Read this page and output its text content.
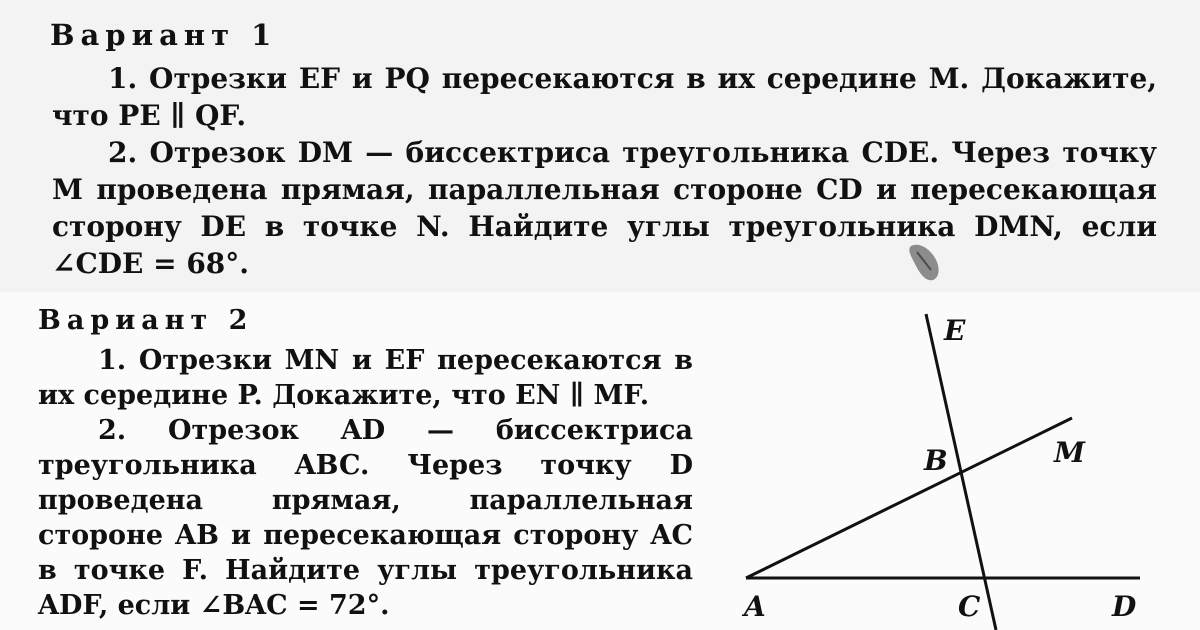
Вариант 1

1. Отрезки EF и PQ пересекаются в их середине M. Докажите, что PE ∥ QF.

2. Отрезок DM — биссектриса треугольника CDE. Через точку M проведена прямая, параллельная стороне CD и пересекающая сторону DE в точке N. Найдите углы треугольника DMN, если ∠CDE = 68°.

Вариант 2

1. Отрезки MN и EF пересекаются в их середине P. Докажите, что EN ∥ MF.

2. Отрезок AD — биссектриса треугольника ABC. Через точку D проведена прямая, параллельная стороне AB и пересекающая сторону AC в точке F. Найдите углы треугольника ADF, если ∠BAC = 72°.

E
M
B
A	C	D
